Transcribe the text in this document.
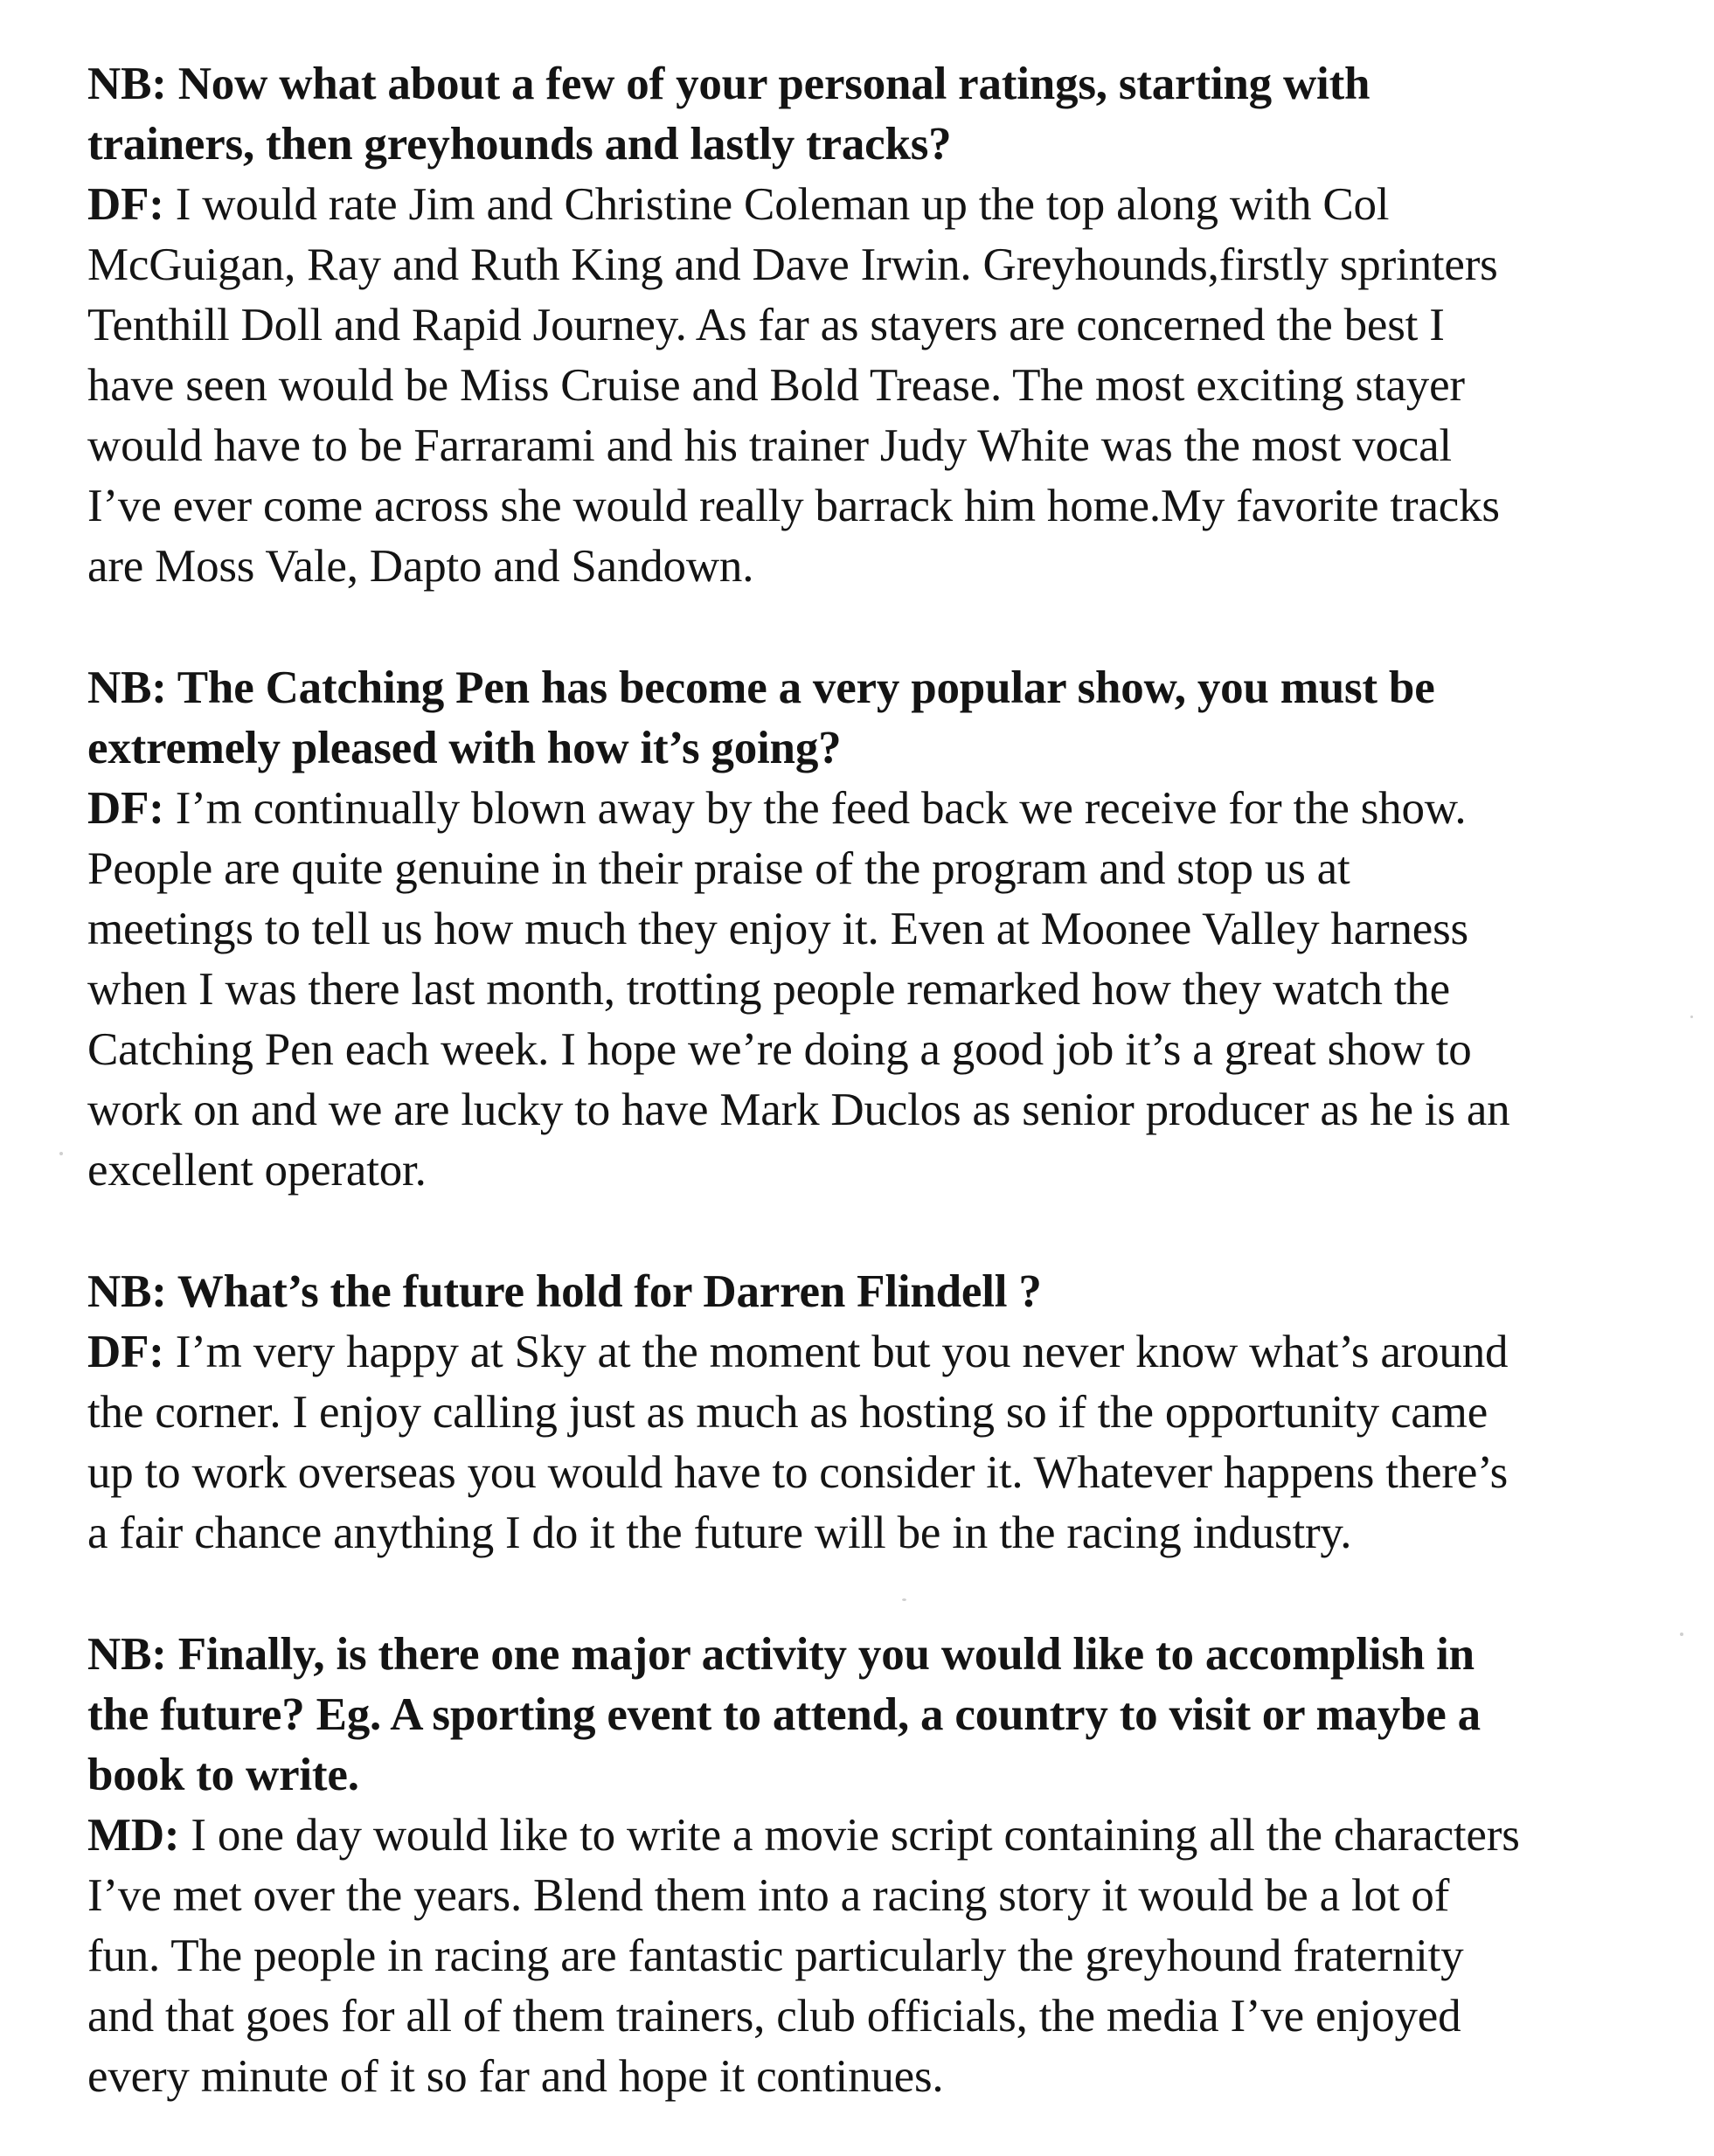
NB: Now what about a few of your personal ratings, starting with
trainers, then greyhounds and lastly tracks?
DF: I would rate Jim and Christine Coleman up the top along with Col
McGuigan, Ray and Ruth King and Dave Irwin. Greyhounds,firstly sprinters
Tenthill Doll and Rapid Journey. As far as stayers are concerned the best I
have seen would be Miss Cruise and Bold Trease. The most exciting stayer
would have to be Farrarami and his trainer Judy White was the most vocal
I’ve ever come across she would really barrack him home.My favorite tracks
are Moss Vale, Dapto and Sandown.
NB: The Catching Pen has become a very popular show, you must be
extremely pleased with how it’s going?
DF: I’m continually blown away by the feed back we receive for the show.
People are quite genuine in their praise of the program and stop us at
meetings to tell us how much they enjoy it. Even at Moonee Valley harness
when I was there last month, trotting people remarked how they watch the
Catching Pen each week. I hope we’re doing a good job it’s a great show to
work on and we are lucky to have Mark Duclos as senior producer as he is an
excellent operator.
NB: What’s the future hold for Darren Flindell ?
DF: I’m very happy at Sky at the moment but you never know what’s around
the corner. I enjoy calling just as much as hosting so if the opportunity came
up to work overseas you would have to consider it. Whatever happens there’s
a fair chance anything I do it the future will be in the racing industry.
NB: Finally, is there one major activity you would like to accomplish in
the future? Eg. A sporting event to attend, a country to visit or maybe a
book to write.
MD: I one day would like to write a movie script containing all the characters
I’ve met over the years. Blend them into a racing story it would be a lot of
fun. The people in racing are fantastic particularly the greyhound fraternity
and that goes for all of them trainers, club officials, the media I’ve enjoyed
every minute of it so far and hope it continues.
